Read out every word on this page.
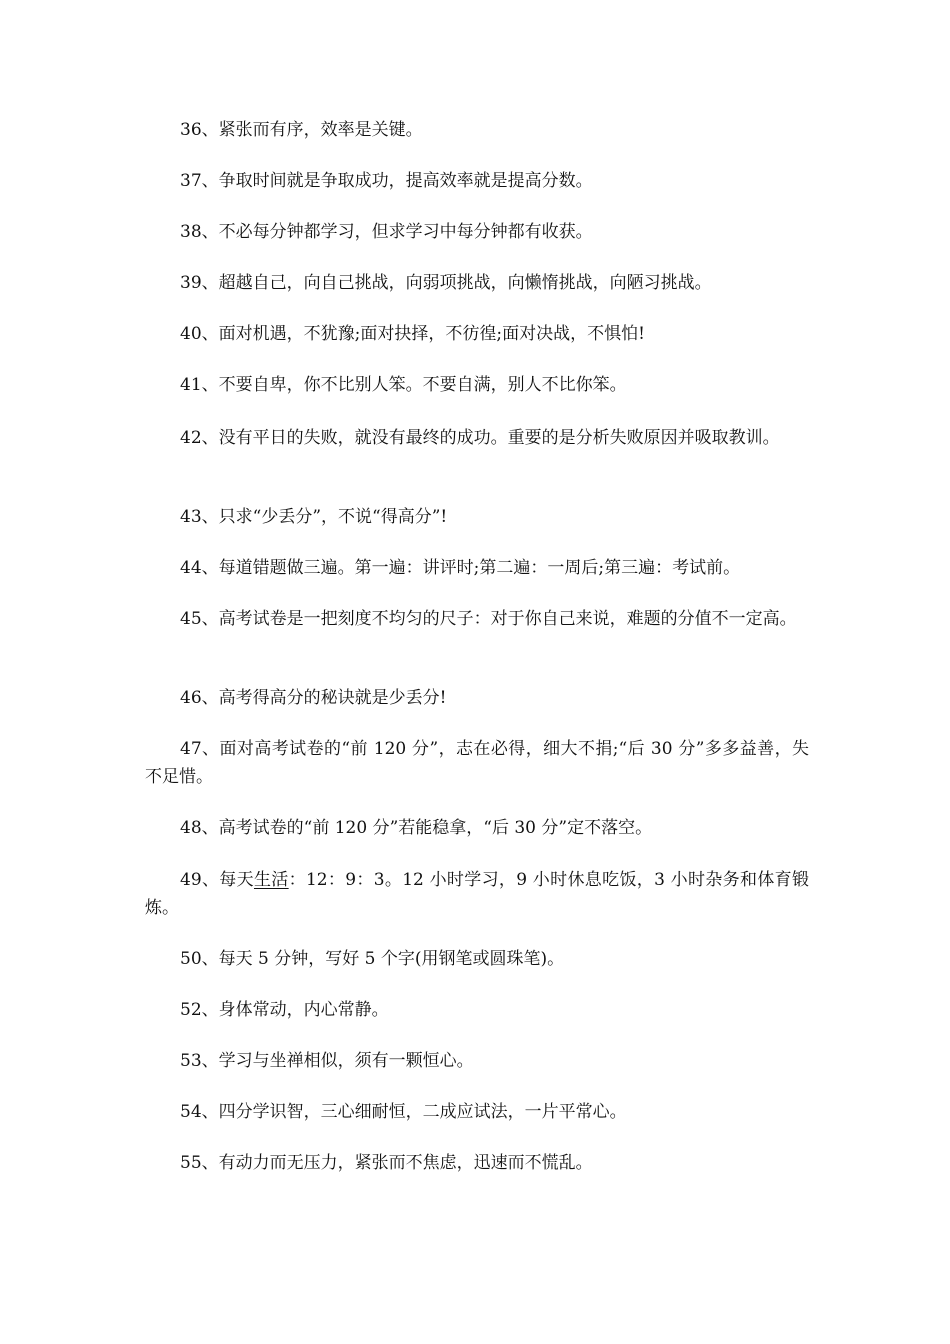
36、紧张而有序，效率是关键。

37、争取时间就是争取成功，提高效率就是提高分数。

38、不必每分钟都学习，但求学习中每分钟都有收获。

39、超越自己，向自己挑战，向弱项挑战，向懒惰挑战，向陋习挑战。

40、面对机遇，不犹豫;面对抉择，不彷徨;面对决战，不惧怕!

41、不要自卑，你不比别人笨。不要自满，别人不比你笨。

42、没有平日的失败，就没有最终的成功。重要的是分析失败原因并吸取教训。

43、只求“少丢分”，不说“得高分”!

44、每道错题做三遍。第一遍：讲评时;第二遍：一周后;第三遍：考试前。

45、高考试卷是一把刻度不均匀的尺子：对于你自己来说，难题的分值不一定高。

46、高考得高分的秘诀就是少丢分!

47、面对高考试卷的“前 120 分”，志在必得，细大不捐;“后 30 分”多多益善，失不足惜。

48、高考试卷的“前 120 分”若能稳拿，“后 30 分”定不落空。

49、每天生活：12：9：3。12 小时学习，9 小时休息吃饭，3 小时杂务和体育锻炼。

50、每天 5 分钟，写好 5 个字(用钢笔或圆珠笔)。

52、身体常动，内心常静。

53、学习与坐禅相似，须有一颗恒心。

54、四分学识智，三心细耐恒，二成应试法，一片平常心。

55、有动力而无压力，紧张而不焦虑，迅速而不慌乱。
